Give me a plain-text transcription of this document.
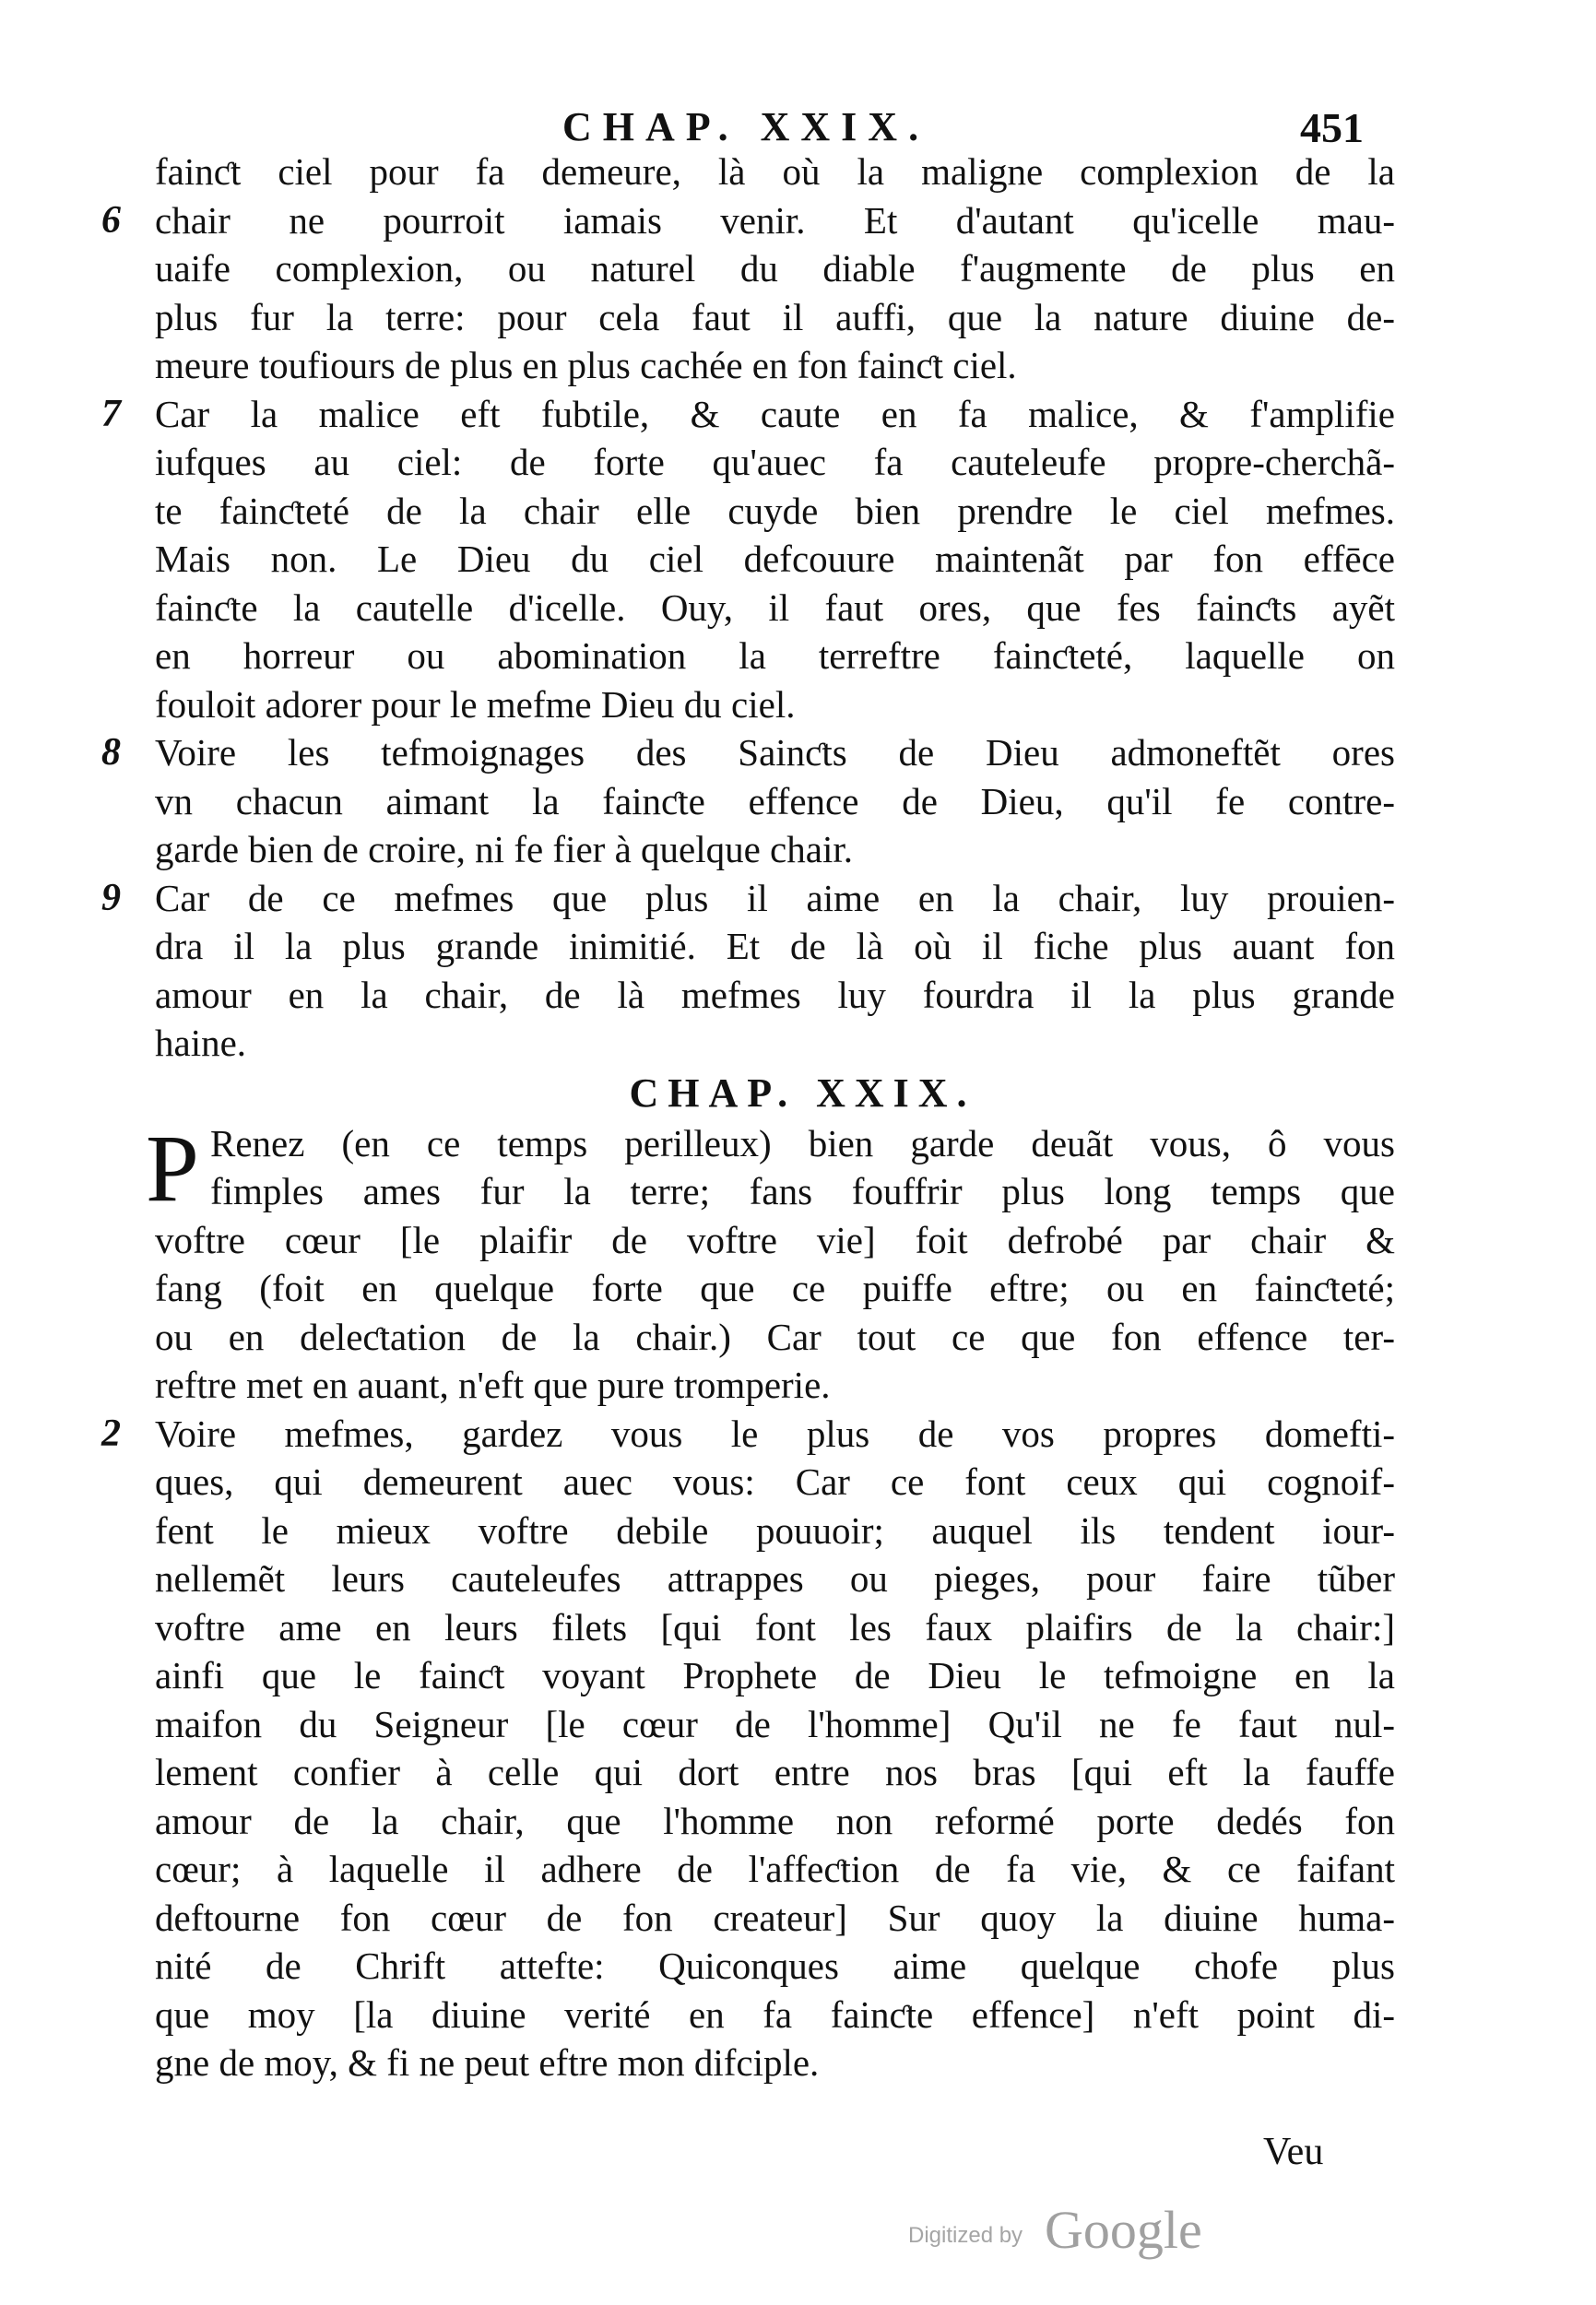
CHAP. XXIX.	451
fainƈt ciel pour fa demeure, là où la maligne complexion de la
6 chair ne pourroit iamais venir. Et d'autant qu'icelle mau-
uaife complexion, ou naturel du diable f'augmente de plus en
plus fur la terre: pour cela faut il auffi, que la nature diuine de-
meure toufiours de plus en plus cachée en fon fainƈt ciel.
7 Car la malice eft fubtile, & caute en fa malice, & f'amplifie
iufques au ciel: de forte qu'auec fa cauteleufe propre-cherchã-
te fainƈteté de la chair elle cuyde bien prendre le ciel mefmes.
Mais non. Le Dieu du ciel defcouure maintenãt par fon effēce
fainƈte la cautelle d'icelle. Ouy, il faut ores, que fes fainƈts ayẽt
en horreur ou abomination la terreftre fainƈteté, laquelle on
fouloit adorer pour le mefme Dieu du ciel.
8 Voire les tefmoignages des Sainƈts de Dieu admoneftẽt ores
vn chacun aimant la fainƈte effence de Dieu, qu'il fe contre-
garde bien de croire, ni fe fier à quelque chair.
9 Car de ce mefmes que plus il aime en la chair, luy prouien-
dra il la plus grande inimitié. Et de là où il fiche plus auant fon
amour en la chair, de là mefmes luy fourdra il la plus grande
haine.
CHAP. XXIX.
P Renez (en ce temps perilleux) bien garde deuãt vous, ô vous
fimples ames fur la terre; fans fouffrir plus long temps que
voftre cœur [le plaifir de voftre vie] foit defrobé par chair &
fang (foit en quelque forte que ce puiffe eftre; ou en fainƈteté;
ou en deleƈtation de la chair.) Car tout ce que fon effence ter-
reftre met en auant, n'eft que pure tromperie.
2 Voire mefmes, gardez vous le plus de vos propres domefti-
ques, qui demeurent auec vous: Car ce font ceux qui cognoif-
fent le mieux voftre debile pouuoir; auquel ils tendent iour-
nellemẽt leurs cauteleufes attrappes ou pieges, pour faire tũber
voftre ame en leurs filets [qui font les faux plaifirs de la chair:]
ainfi que le fainƈt voyant Prophete de Dieu le tefmoigne en la
maifon du Seigneur [le cœur de l'homme] Qu'il ne fe faut nul-
lement confier à celle qui dort entre nos bras [qui eft la fauffe
amour de la chair, que l'homme non reformé porte dedés fon
cœur; à laquelle il adhere de l'affeƈtion de fa vie, & ce faifant
deftourne fon cœur de fon createur] Sur quoy la diuine huma-
nité de Chrift attefte: Quiconques aime quelque chofe plus
que moy [la diuine verité en fa fainƈte effence] n'eft point di-
gne de moy, & fi ne peut eftre mon difciple.
Veu
Digitized by Google
